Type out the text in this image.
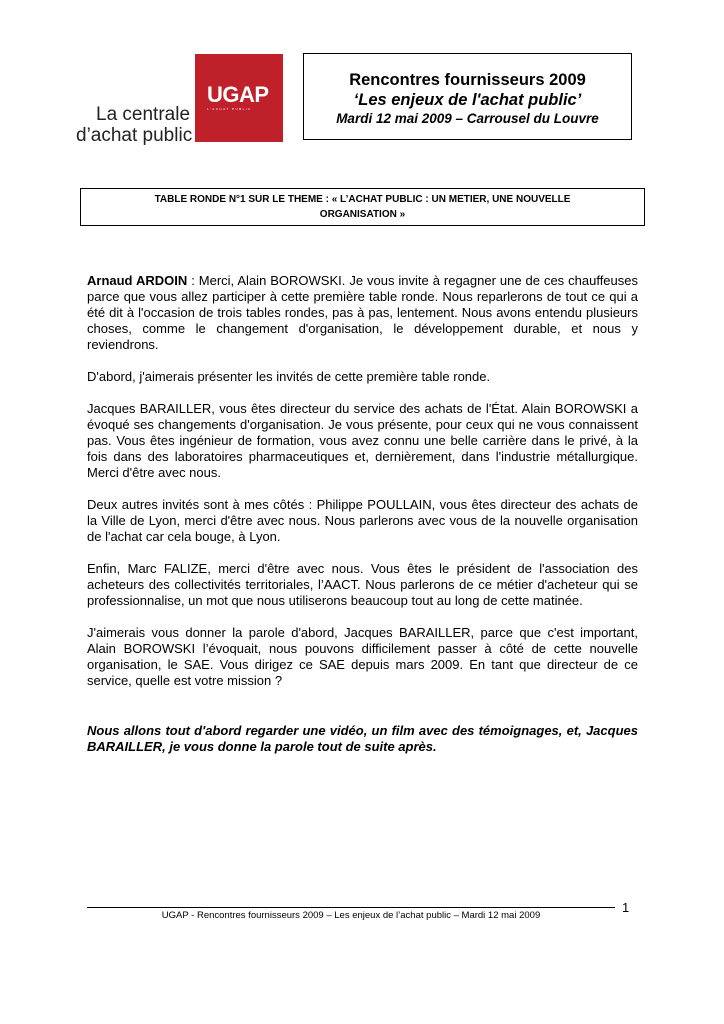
UGAP
L'ACHAT PUBLIC
La centrale
d’achat public
Rencontres fournisseurs 2009
‘Les enjeux de l'achat public’
Mardi 12 mai 2009 – Carrousel du Louvre
TABLE RONDE N°1 SUR LE THEME : « L’ACHAT PUBLIC : UN METIER, UNE NOUVELLE
ORGANISATION »

Arnaud ARDOIN : Merci, Alain BOROWSKI. Je vous invite à regagner une de ces chauffeuses parce que vous allez participer à cette première table ronde. Nous reparlerons de tout ce qui a été dit à l'occasion de trois tables rondes, pas à pas, lentement. Nous avons entendu plusieurs choses, comme le changement d'organisation, le développement durable, et nous y reviendrons.

D'abord, j'aimerais présenter les invités de cette première table ronde.

Jacques BARAILLER, vous êtes directeur du service des achats de l'État. Alain BOROWSKI a évoqué ses changements d'organisation. Je vous présente, pour ceux qui ne vous connaissent pas. Vous êtes ingénieur de formation, vous avez connu une belle carrière dans le privé, à la fois dans des laboratoires pharmaceutiques et, dernièrement, dans l'industrie métallurgique. Merci d'être avec nous.

Deux autres invités sont à mes côtés : Philippe POULLAIN, vous êtes directeur des achats de la Ville de Lyon, merci d'être avec nous. Nous parlerons avec vous de la nouvelle organisation de l'achat car cela bouge, à Lyon.

Enfin, Marc FALIZE, merci d'être avec nous. Vous êtes le président de l'association des acheteurs des collectivités territoriales, l’AACT. Nous parlerons de ce métier d'acheteur qui se professionnalise, un mot que nous utiliserons beaucoup tout au long de cette matinée.

J'aimerais vous donner la parole d'abord, Jacques BARAILLER, parce que c'est important, Alain BOROWSKI l’évoquait, nous pouvons difficilement passer à côté de cette nouvelle organisation, le SAE. Vous dirigez ce SAE depuis mars 2009. En tant que directeur de ce service, quelle est votre mission ?

Nous allons tout d'abord regarder une vidéo, un film avec des témoignages, et, Jacques BARAILLER, je vous donne la parole tout de suite après.

UGAP - Rencontres fournisseurs 2009 – Les enjeux de l’achat public – Mardi 12 mai 2009
1
